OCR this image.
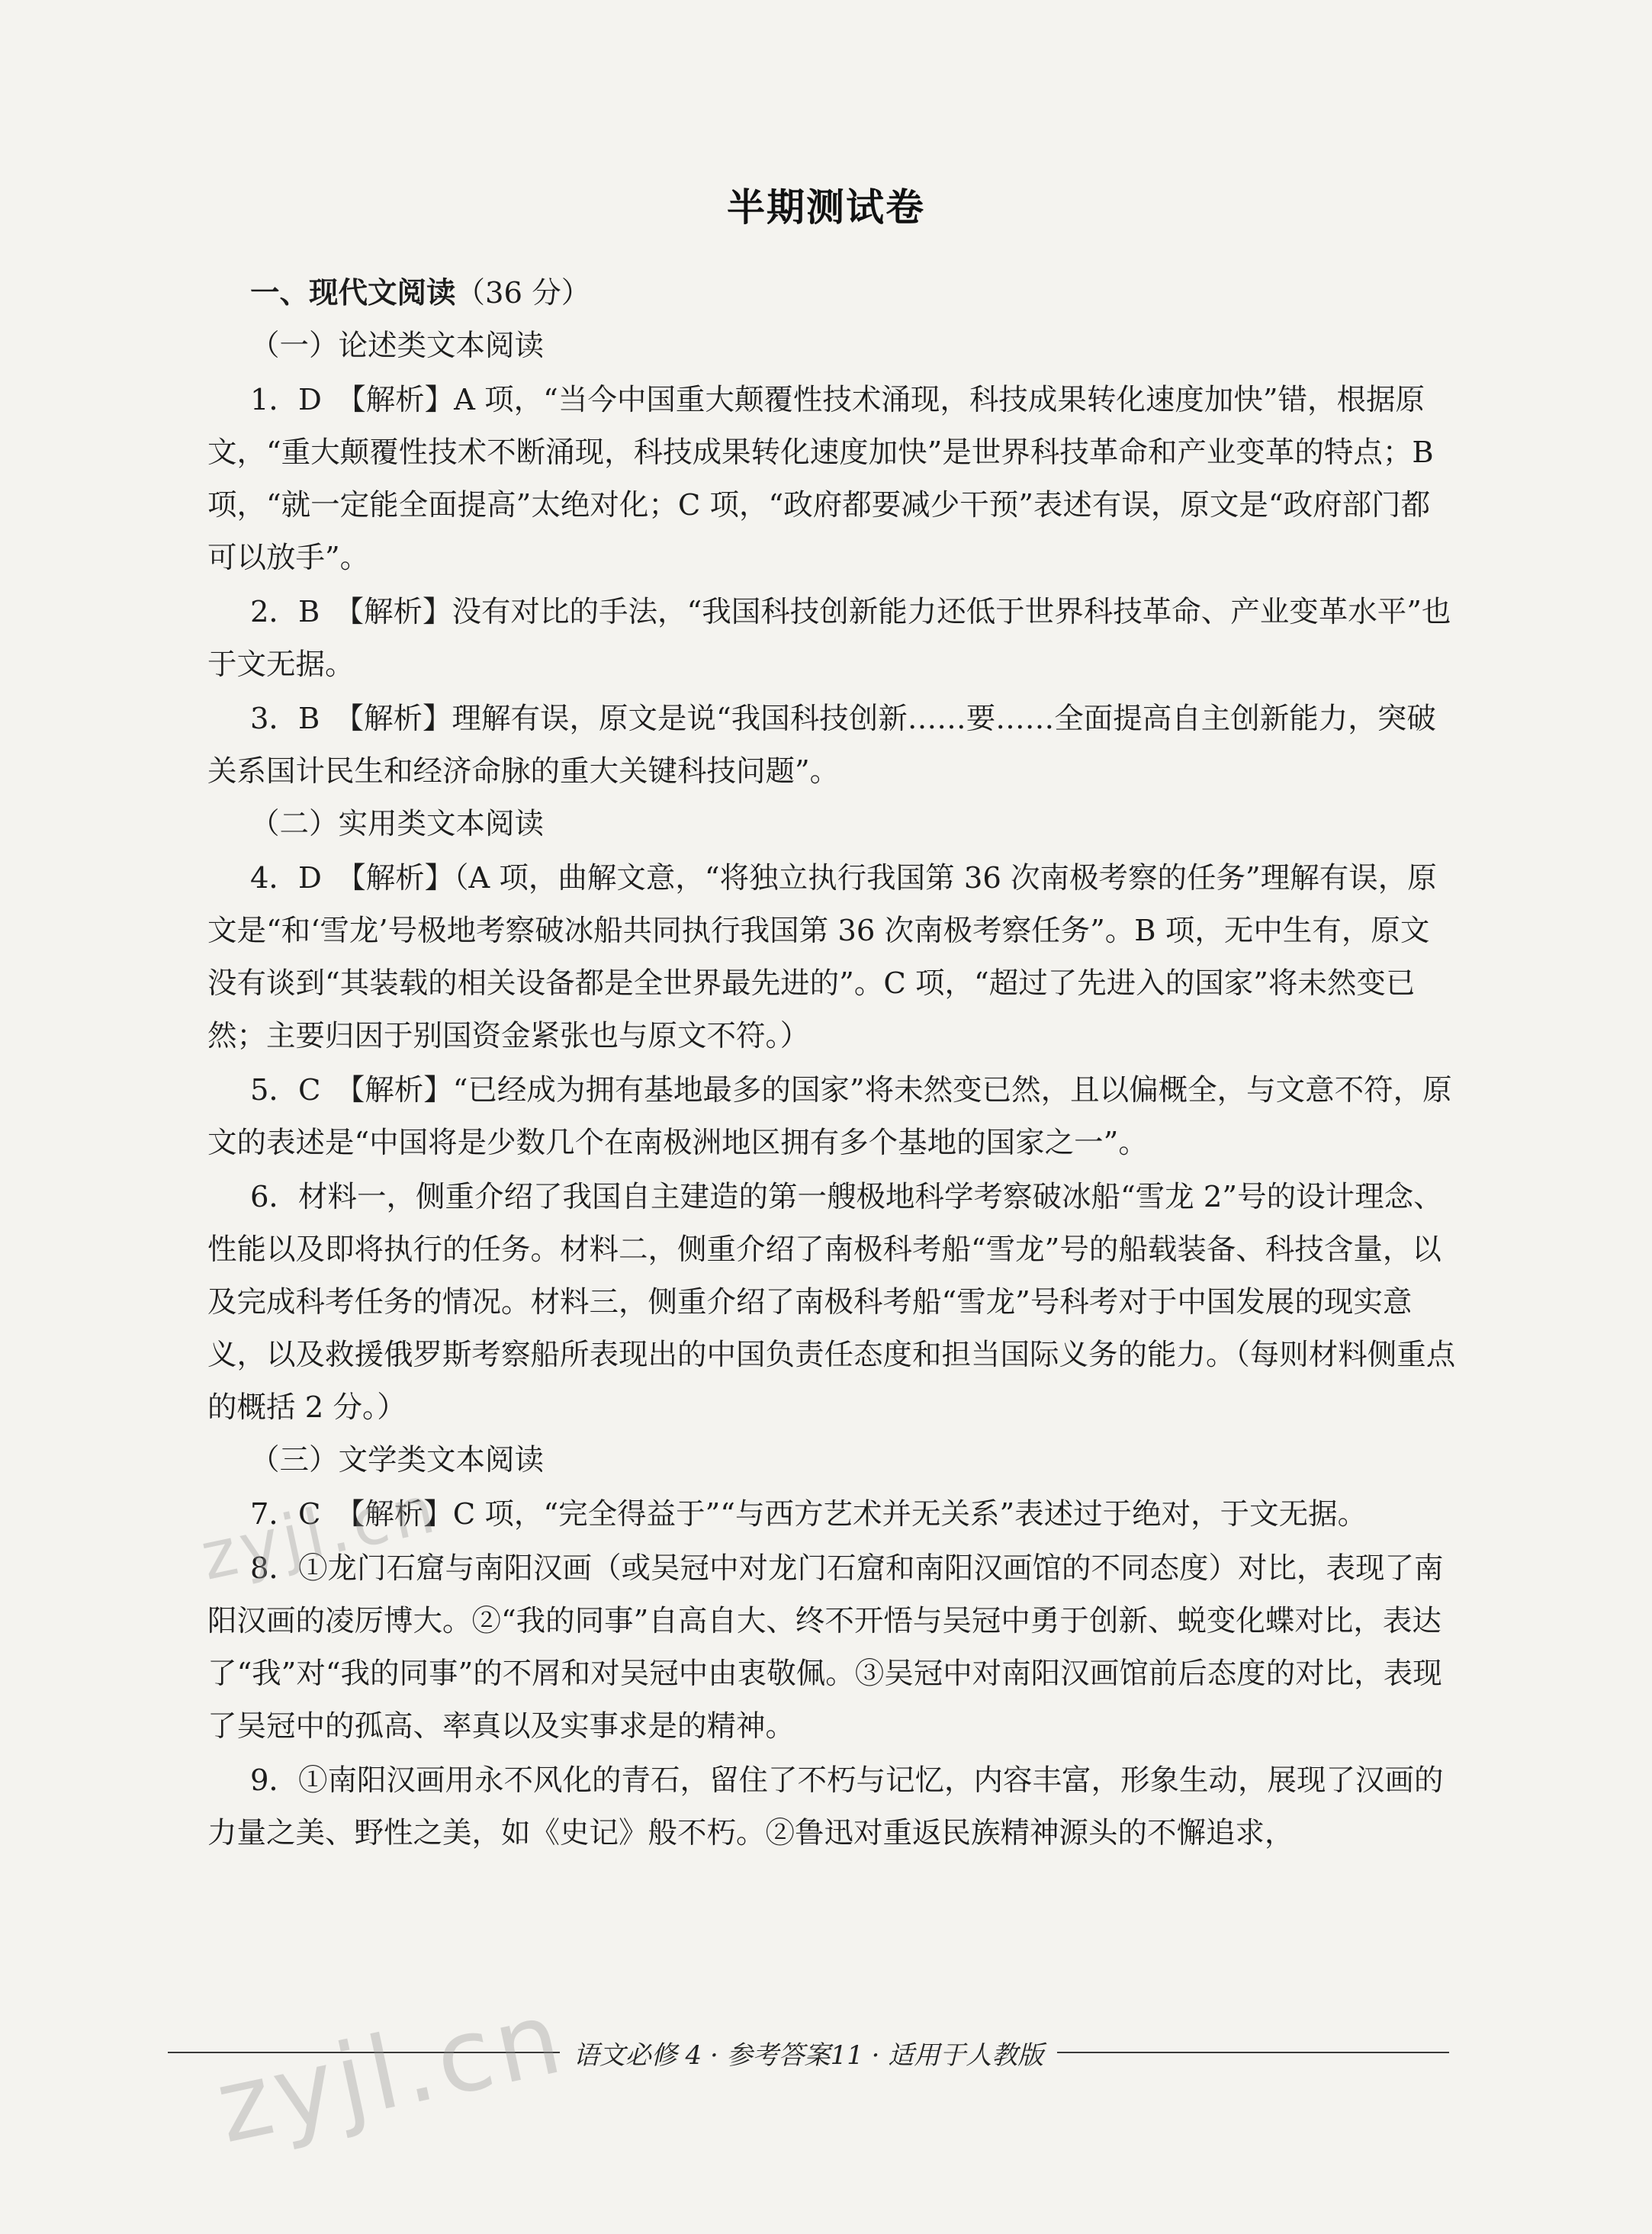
半期测试卷

一、现代文阅读（36 分）

（一）论述类文本阅读

1．D　【解析】A 项，“当今中国重大颠覆性技术涌现，科技成果转化速度加快”错，根据原文，“重大颠覆性技术不断涌现，科技成果转化速度加快”是世界科技革命和产业变革的特点；B 项，“就一定能全面提高”太绝对化；C 项，“政府都要减少干预”表述有误，原文是“政府部门都可以放手”。

2．B　【解析】没有对比的手法，“我国科技创新能力还低于世界科技革命、产业变革水平”也于文无据。

3．B　【解析】理解有误，原文是说“我国科技创新……要……全面提高自主创新能力，突破关系国计民生和经济命脉的重大关键科技问题”。

（二）实用类文本阅读

4．D　【解析】（A 项，曲解文意，“将独立执行我国第 36 次南极考察的任务”理解有误，原文是“和‘雪龙’号极地考察破冰船共同执行我国第 36 次南极考察任务”。B 项，无中生有，原文没有谈到“其装载的相关设备都是全世界最先进的”。C 项，“超过了先进入的国家”将未然变已然；主要归因于别国资金紧张也与原文不符。）

5．C　【解析】“已经成为拥有基地最多的国家”将未然变已然，且以偏概全，与文意不符，原文的表述是“中国将是少数几个在南极洲地区拥有多个基地的国家之一”。

6．材料一，侧重介绍了我国自主建造的第一艘极地科学考察破冰船“雪龙 2”号的设计理念、性能以及即将执行的任务。材料二，侧重介绍了南极科考船“雪龙”号的船载装备、科技含量，以及完成科考任务的情况。材料三，侧重介绍了南极科考船“雪龙”号科考对于中国发展的现实意义，以及救援俄罗斯考察船所表现出的中国负责任态度和担当国际义务的能力。（每则材料侧重点的概括 2 分。）

（三）文学类文本阅读

7．C　【解析】C 项，“完全得益于”“与西方艺术并无关系”表述过于绝对，于文无据。

8．①龙门石窟与南阳汉画（或吴冠中对龙门石窟和南阳汉画馆的不同态度）对比，表现了南阳汉画的凌厉博大。②“我的同事”自高自大、终不开悟与吴冠中勇于创新、蜕变化蝶对比，表达了“我”对“我的同事”的不屑和对吴冠中由衷敬佩。③吴冠中对南阳汉画馆前后态度的对比，表现了吴冠中的孤高、率真以及实事求是的精神。

9．①南阳汉画用永不风化的青石，留住了不朽与记忆，内容丰富，形象生动，展现了汉画的力量之美、野性之美，如《史记》般不朽。②鲁迅对重返民族精神源头的不懈追求，

语文必修 4 · 参考答案11 · 适用于人教版
zyjl.cn
zyjl.cn
